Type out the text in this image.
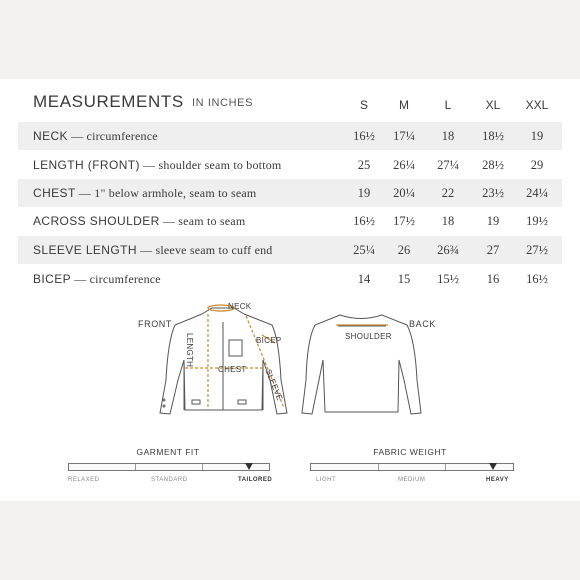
MEASUREMENTS IN INCHES	S	M	L	XL	XXL
NECK — circumference	16½	17¼	18	18½	19
LENGTH (FRONT) — shoulder seam to bottom	25	26¼	27¼	28½	29
CHEST — 1" below armhole, seam to seam	19	20¼	22	23½	24¼
ACROSS SHOULDER — seam to seam	16½	17½	18	19	19½
SLEEVE LENGTH — sleeve seam to cuff end	25¼	26	26¾	27	27½
BICEP — circumference	14	15	15½	16	16½
NECK
FRONT
BICEP
CHEST
LENGTH
SLEEVE
BACK
SHOULDER
GARMENT FIT
RELAXED	STANDARD	TAILORED
FABRIC WEIGHT
LIGHT	MEDIUM	HEAVY
